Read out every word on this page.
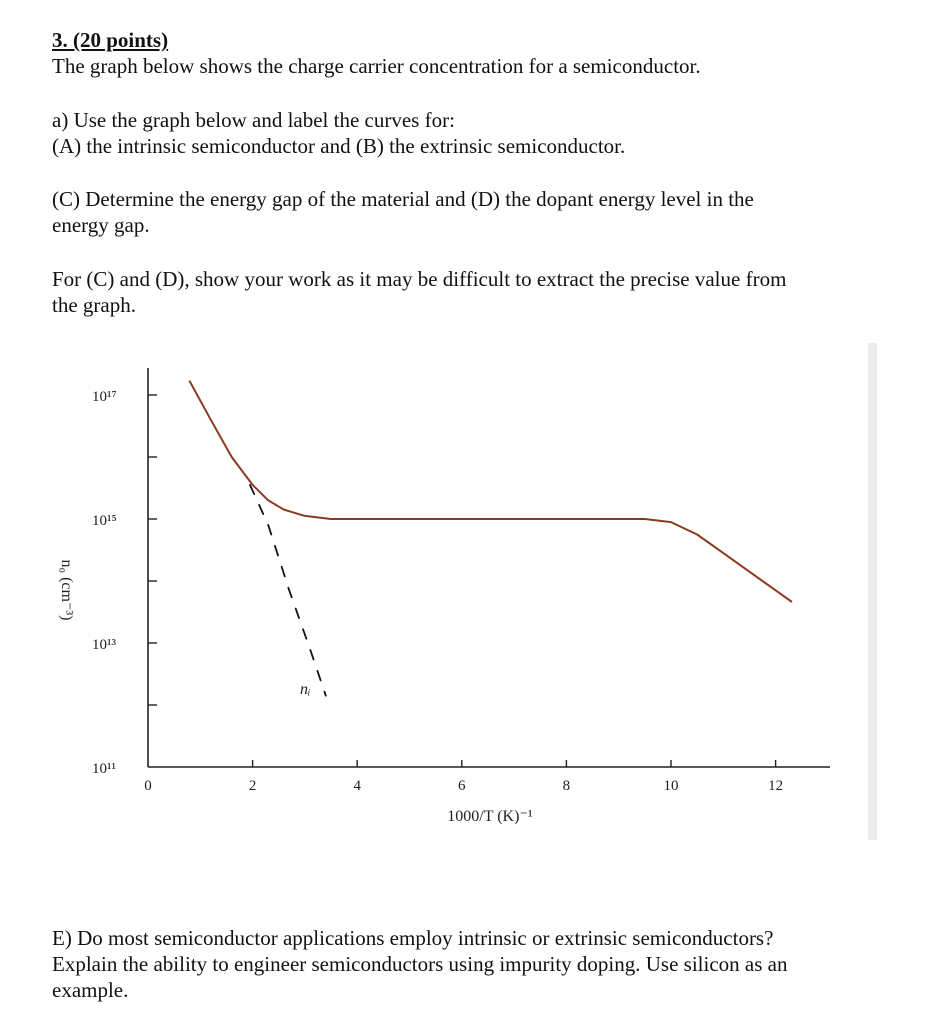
3. (20 points)
The graph below shows the charge carrier concentration for a semiconductor.
a) Use the graph below and label the curves for:
(A) the intrinsic semiconductor and (B) the extrinsic semiconductor.
(C) Determine the energy gap of the material and (D) the dopant energy level in the
energy gap.
For (C) and (D), show your work as it may be difficult to extract the precise value from
the graph.
10¹⁷
10¹⁵
10¹³
10¹¹
0	2	4	6	8	10	12
n₀ (cm⁻³)
1000/T (K)⁻¹
nᵢ
E) Do most semiconductor applications employ intrinsic or extrinsic semiconductors?
Explain the ability to engineer semiconductors using impurity doping. Use silicon as an
example.
